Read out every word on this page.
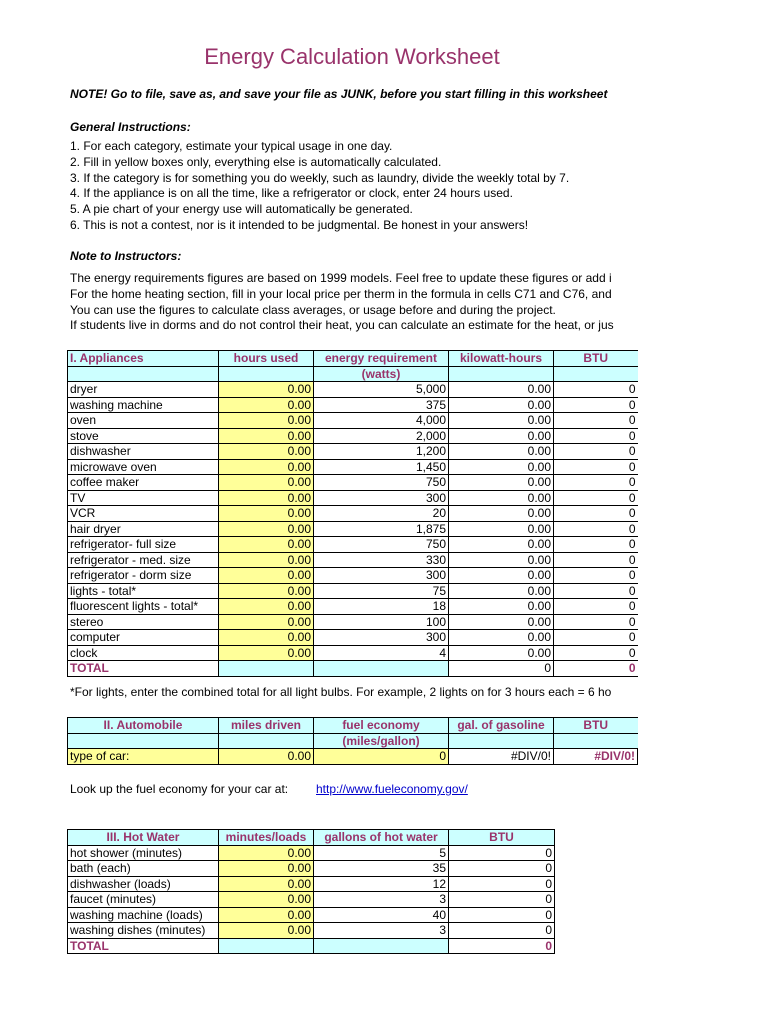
Energy Calculation Worksheet
NOTE! Go to file, save as, and save your file as JUNK, before you start filling in this worksheet
General Instructions:
1. For each category, estimate your typical usage in one day.
2. Fill in yellow boxes only, everything else is automatically calculated.
3. If the category is for something you do weekly, such as laundry, divide the weekly total by 7.
4. If the appliance is on all the time, like a refrigerator or clock, enter 24 hours used.
5. A pie chart of your energy use will automatically be generated.
6. This is not a contest, nor is it intended to be judgmental. Be honest in your answers!
Note to Instructors:
The energy requirements figures are based on 1999 models. Feel free to update these figures or add i
For the home heating section, fill in your local price per therm in the formula in cells C71 and C76, and
You can use the figures to calculate class averages, or usage before and during the project.
If students live in dorms and do not control their heat, you can calculate an estimate for the heat, or jus
I. Appliances	hours used	energy requirement	kilowatt-hours	BTU
		(watts)		
dryer	0.00	5,000	0.00	0
washing machine	0.00	375	0.00	0
oven	0.00	4,000	0.00	0
stove	0.00	2,000	0.00	0
dishwasher	0.00	1,200	0.00	0
microwave oven	0.00	1,450	0.00	0
coffee maker	0.00	750	0.00	0
TV	0.00	300	0.00	0
VCR	0.00	20	0.00	0
hair dryer	0.00	1,875	0.00	0
refrigerator- full size	0.00	750	0.00	0
refrigerator - med. size	0.00	330	0.00	0
refrigerator - dorm size	0.00	300	0.00	0
lights - total*	0.00	75	0.00	0
fluorescent lights - total*	0.00	18	0.00	0
stereo	0.00	100	0.00	0
computer	0.00	300	0.00	0
clock	0.00	4	0.00	0
TOTAL			0	0
*For lights, enter the combined total for all light bulbs. For example, 2 lights on for 3 hours each = 6 ho
II. Automobile	miles driven	fuel economy	gal. of gasoline	BTU
		(miles/gallon)		
type of car:	0.00	0	#DIV/0!	#DIV/0!
Look up the fuel economy for your car at: http://www.fueleconomy.gov/
III. Hot Water	minutes/loads	gallons of hot water	BTU
hot shower (minutes)	0.00	5	0
bath (each)	0.00	35	0
dishwasher (loads)	0.00	12	0
faucet (minutes)	0.00	3	0
washing machine (loads)	0.00	40	0
washing dishes (minutes)	0.00	3	0
TOTAL			0
